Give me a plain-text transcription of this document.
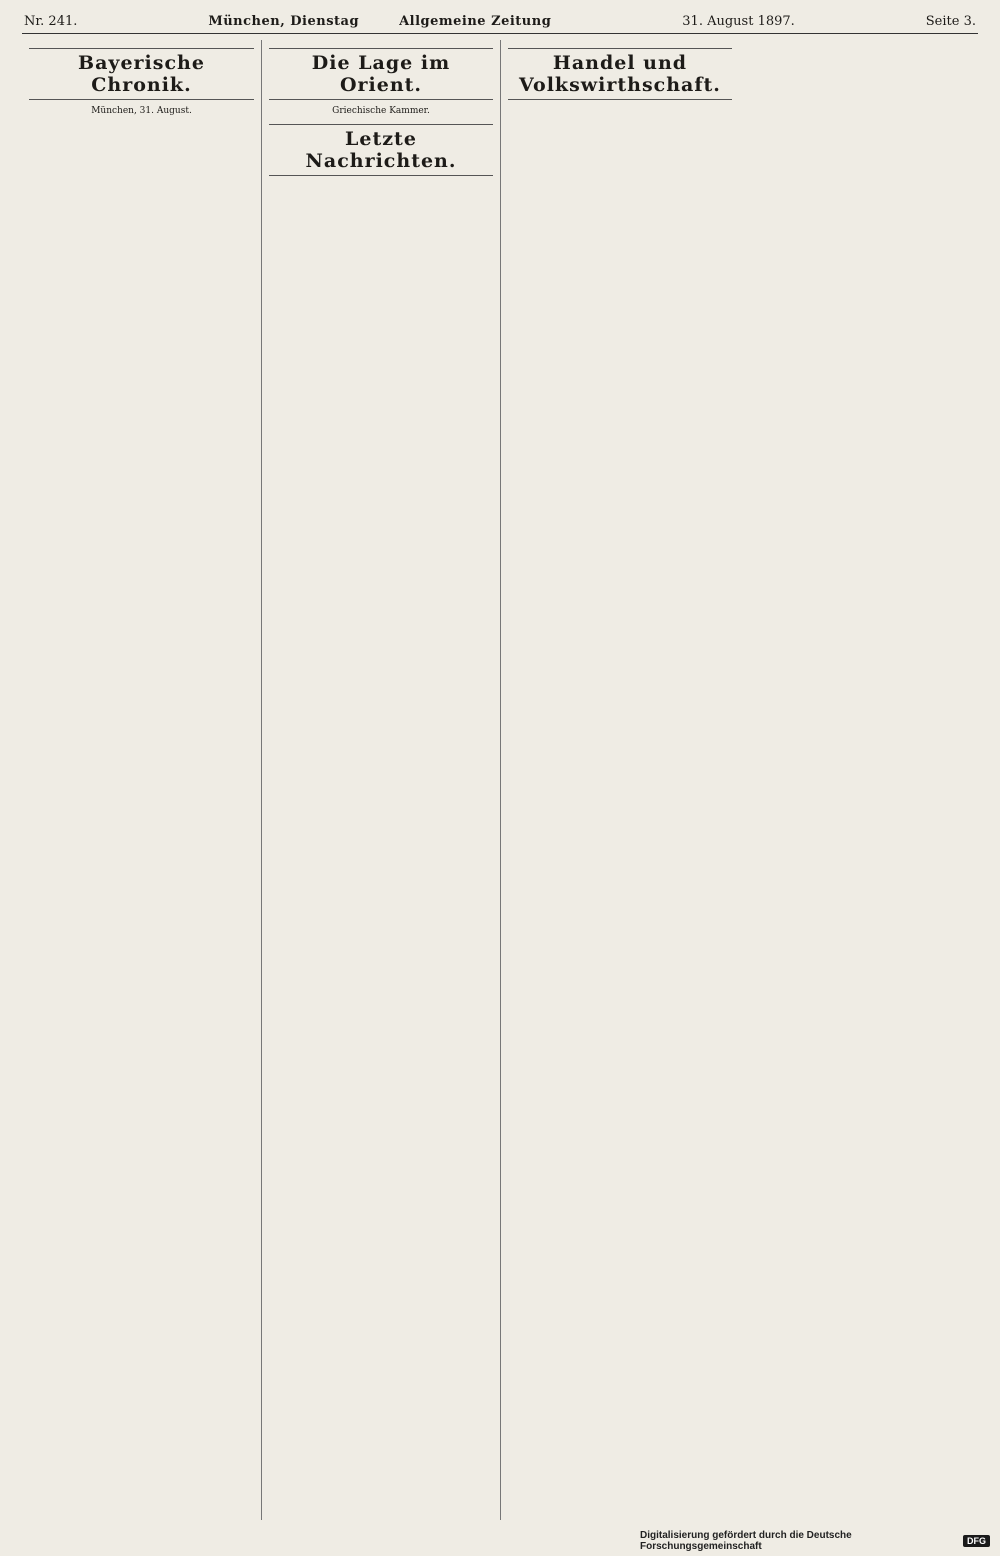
Nr. 241.	München, Dienstag	Allgemeine Zeitung	31. August 1897.	Seite 3.

Bayerische Chronik.
München, 31. August.

Die Lage im Orient.

Griechische Kammer.

Letzte Nachrichten.

Handel und Volkswirthschaft.

Digitalisierung gefördert durch die Deutsche Forschungsgemeinschaft	DFG
